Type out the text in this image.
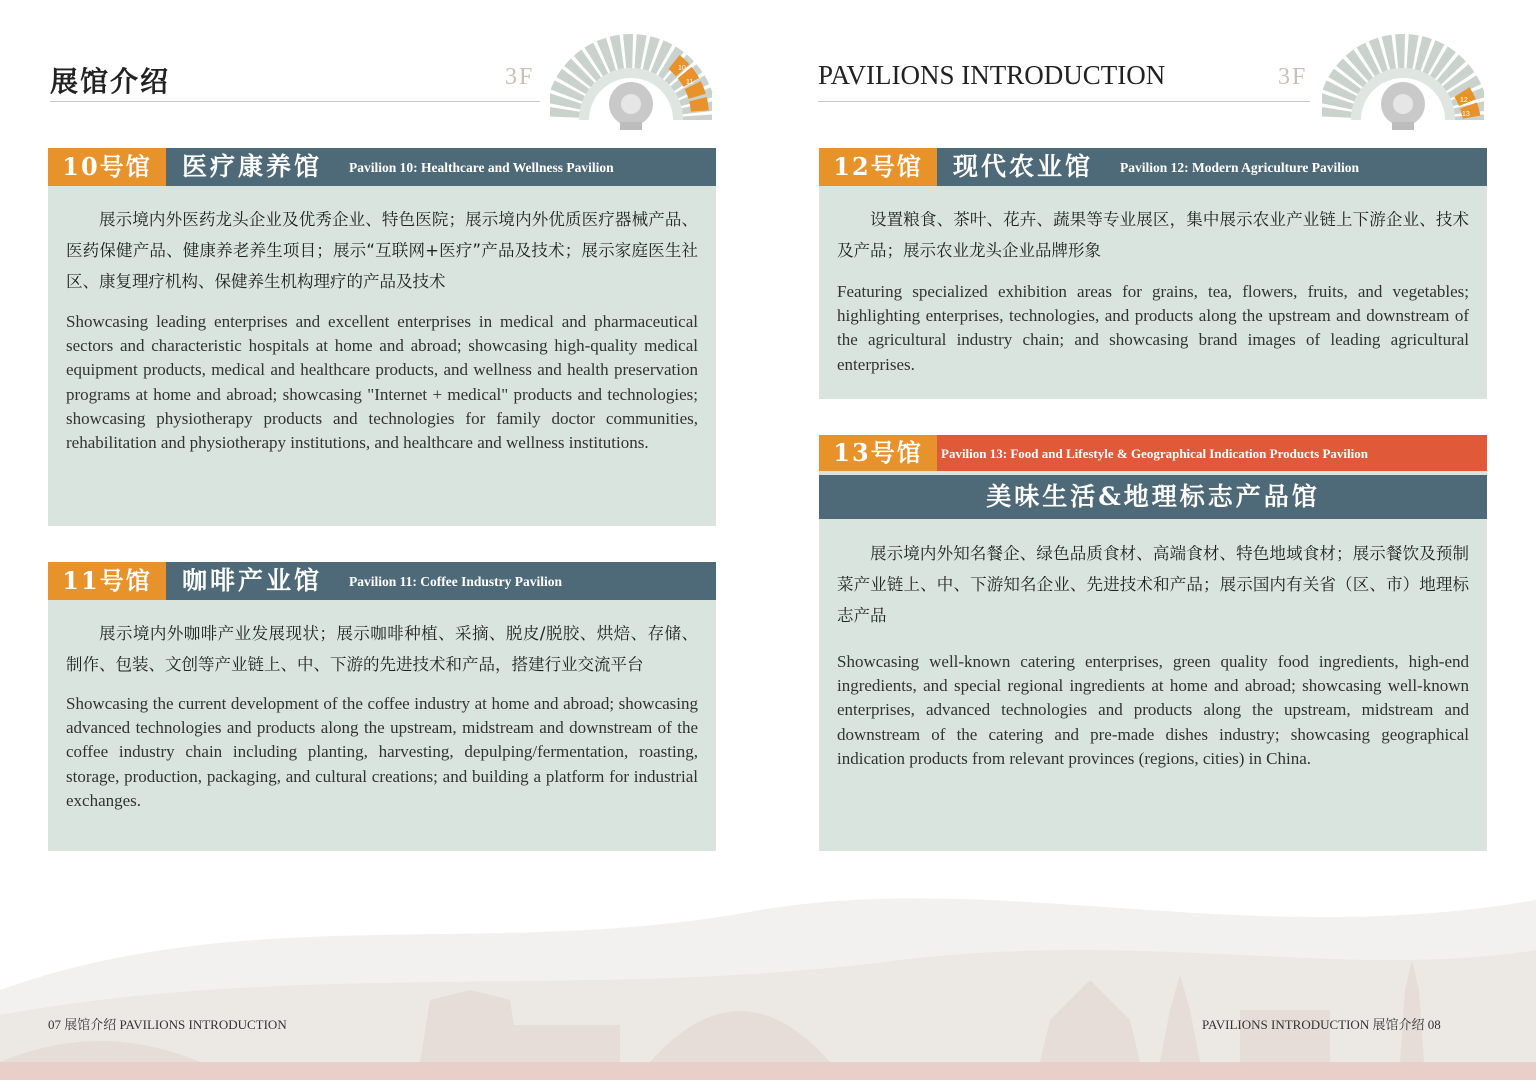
展馆介绍	3F	10
11	PAVILIONS INTRODUCTION	3F
12
13
10号馆	医疗康养馆 Pavilion 10: Healthcare and Wellness Pavilion

展示境内外医药龙头企业及优秀企业、特色医院；展示境内外优质医疗器械产品、医药保健产品、健康养老养生项目；展示“互联网+医疗”产品及技术；展示家庭医生社区、康复理疗机构、保健养生机构理疗的产品及技术

Showcasing leading enterprises and excellent enterprises in medical and pharmaceutical sectors and characteristic hospitals at home and abroad; showcasing high-quality medical equipment products, medical and healthcare products, and wellness and health preservation programs at home and abroad; showcasing "Internet + medical" products and technologies; showcasing physiotherapy products and technologies for family doctor communities, rehabilitation and physiotherapy institutions, and healthcare and wellness institutions.

11号馆	咖啡产业馆 Pavilion 11: Coffee Industry Pavilion

展示境内外咖啡产业发展现状；展示咖啡种植、采摘、脱皮/脱胶、烘焙、存储、制作、包装、文创等产业链上、中、下游的先进技术和产品，搭建行业交流平台

Showcasing the current development of the coffee industry at home and abroad; showcasing advanced technologies and products along the upstream, midstream and downstream of the coffee industry chain including planting, harvesting, depulping/fermentation, roasting, storage, production, packaging, and cultural creations; and building a platform for industrial exchanges.

12号馆	现代农业馆 Pavilion 12: Modern Agriculture Pavilion

设置粮食、茶叶、花卉、蔬果等专业展区，集中展示农业产业链上下游企业、技术及产品；展示农业龙头企业品牌形象

Featuring specialized exhibition areas for grains, tea, flowers, fruits, and vegetables; highlighting enterprises, technologies, and products along the upstream and downstream of the agricultural industry chain; and showcasing brand images of leading agricultural enterprises.

13号馆	Pavilion 13: Food and Lifestyle & Geographical Indication Products Pavilion
美味生活&地理标志产品馆

展示境内外知名餐企、绿色品质食材、高端食材、特色地域食材；展示餐饮及预制菜产业链上、中、下游知名企业、先进技术和产品；展示国内有关省（区、市）地理标志产品

Showcasing well-known catering enterprises, green quality food ingredients, high-end ingredients, and special regional ingredients at home and abroad; showcasing well-known enterprises, advanced technologies and products along the upstream, midstream and downstream of the catering and pre-made dishes industry; showcasing geographical indication products from relevant provinces (regions, cities) in China.

07 展馆介绍 PAVILIONS INTRODUCTION	PAVILIONS INTRODUCTION 展馆介绍 08
